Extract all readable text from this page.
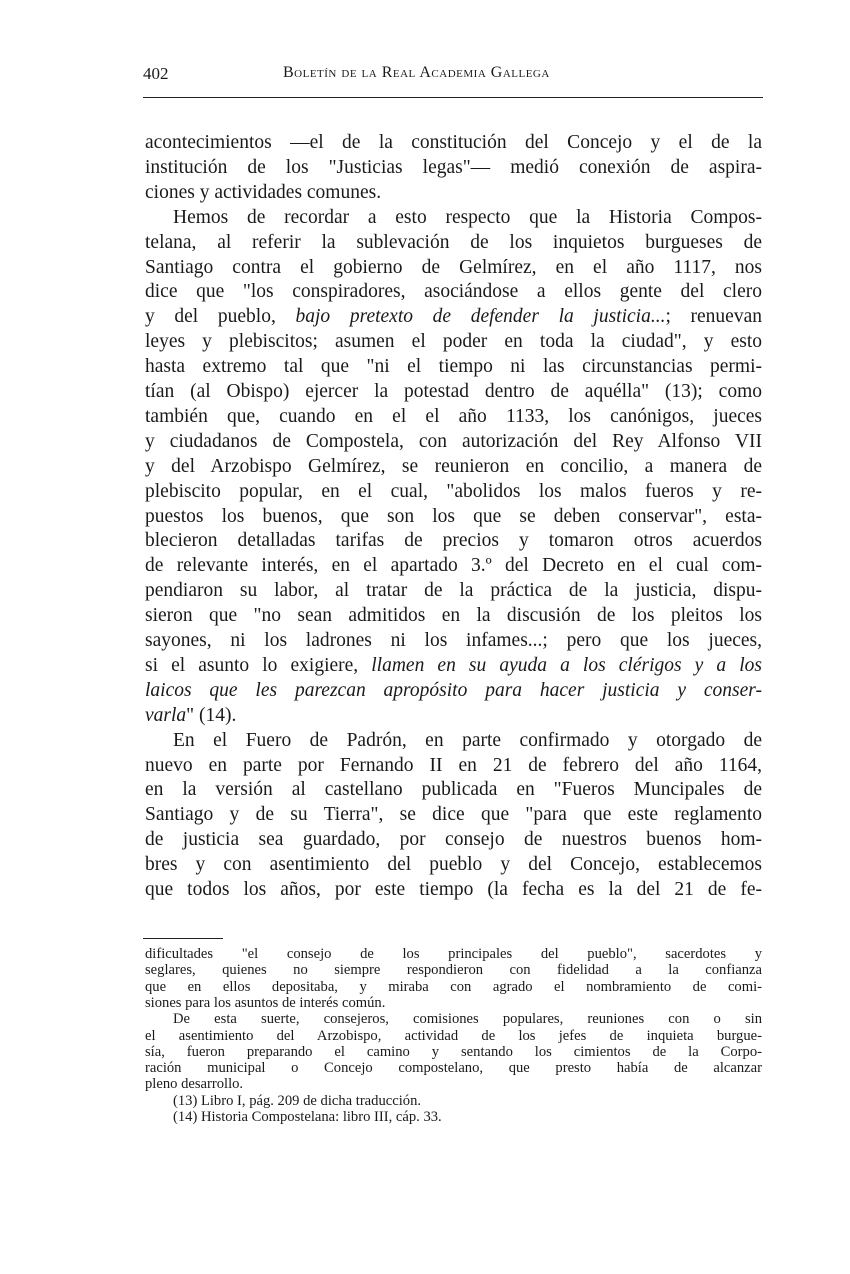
402	Boletín de la Real Academia Gallega
acontecimientos —el de la constitución del Concejo y el de la
institución de los "Justicias legas"— medió conexión de aspira-
ciones y actividades comunes.
Hemos de recordar a esto respecto que la Historia Compos-
telana, al referir la sublevación de los inquietos burgueses de
Santiago contra el gobierno de Gelmírez, en el año 1117, nos
dice que "los conspiradores, asociándose a ellos gente del clero
y del pueblo, bajo pretexto de defender la justicia...; renuevan
leyes y plebiscitos; asumen el poder en toda la ciudad", y esto
hasta extremo tal que "ni el tiempo ni las circunstancias permi-
tían (al Obispo) ejercer la potestad dentro de aquélla" (13); como
también que, cuando en el el año 1133, los canónigos, jueces
y ciudadanos de Compostela, con autorización del Rey Alfonso VII
y del Arzobispo Gelmírez, se reunieron en concilio, a manera de
plebiscito popular, en el cual, "abolidos los malos fueros y re-
puestos los buenos, que son los que se deben conservar", esta-
blecieron detalladas tarifas de precios y tomaron otros acuerdos
de relevante interés, en el apartado 3.º del Decreto en el cual com-
pendiaron su labor, al tratar de la práctica de la justicia, dispu-
sieron que "no sean admitidos en la discusión de los pleitos los
sayones, ni los ladrones ni los infames...; pero que los jueces,
si el asunto lo exigiere, llamen en su ayuda a los clérigos y a los
laicos que les parezcan apropósito para hacer justicia y conser-
varla" (14).
En el Fuero de Padrón, en parte confirmado y otorgado de
nuevo en parte por Fernando II en 21 de febrero del año 1164,
en la versión al castellano publicada en "Fueros Muncipales de
Santiago y de su Tierra", se dice que "para que este reglamento
de justicia sea guardado, por consejo de nuestros buenos hom-
bres y con asentimiento del pueblo y del Concejo, establecemos
que todos los años, por este tiempo (la fecha es la del 21 de fe-
dificultades "el consejo de los principales del pueblo", sacerdotes y
seglares, quienes no siempre respondieron con fidelidad a la confianza
que en ellos depositaba, y miraba con agrado el nombramiento de comi-
siones para los asuntos de interés común.
De esta suerte, consejeros, comisiones populares, reuniones con o sin
el asentimiento del Arzobispo, actividad de los jefes de inquieta burgue-
sía, fueron preparando el camino y sentando los cimientos de la Corpo-
ración municipal o Concejo compostelano, que presto había de alcanzar
pleno desarrollo.
(13) Libro I, pág. 209 de dicha traducción.
(14) Historia Compostelana: libro III, cáp. 33.
